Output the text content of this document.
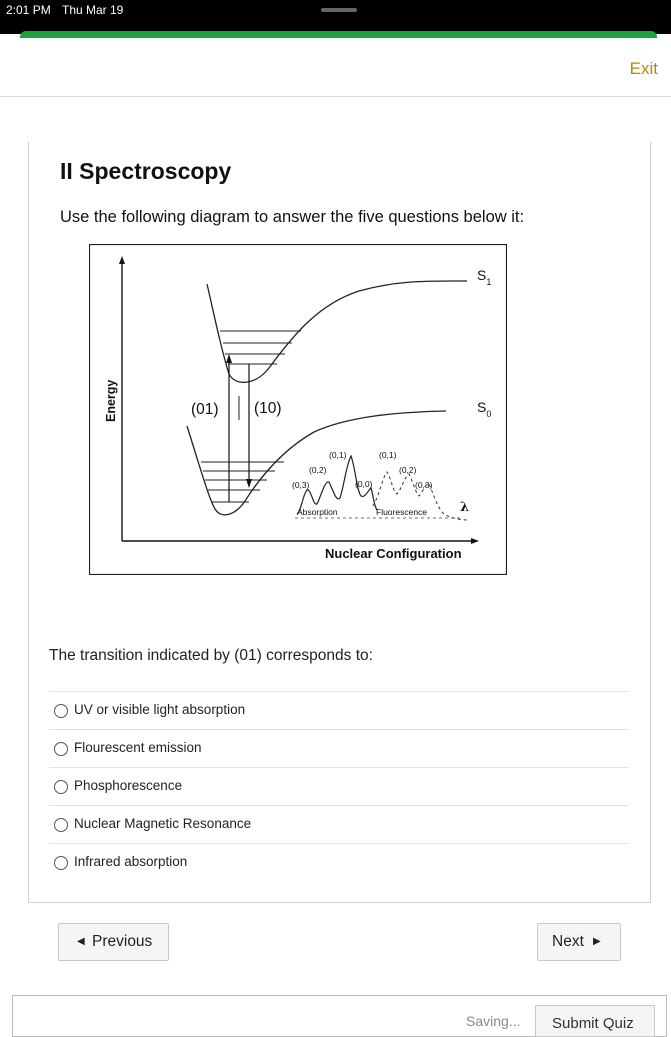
2:01 PM Thu Mar 19
Exit
II Spectroscopy
Use the following diagram to answer the five questions below it:
Energy
Nuclear Configuration
λ
$S_1$
$S_0$
(01) (10)
(0,3)
(0,2)
(0,1)
(0,0)
(0,1)
(0,2)
(0,3)
Absorption	Fluorescence
The transition indicated by (01) corresponds to:
UV or visible light absorption
Flourescent emission
Phosphorescence
Nuclear Magnetic Resonance
Infrared absorption
◀ Previous	Next ▶
Saving... Submit Quiz
